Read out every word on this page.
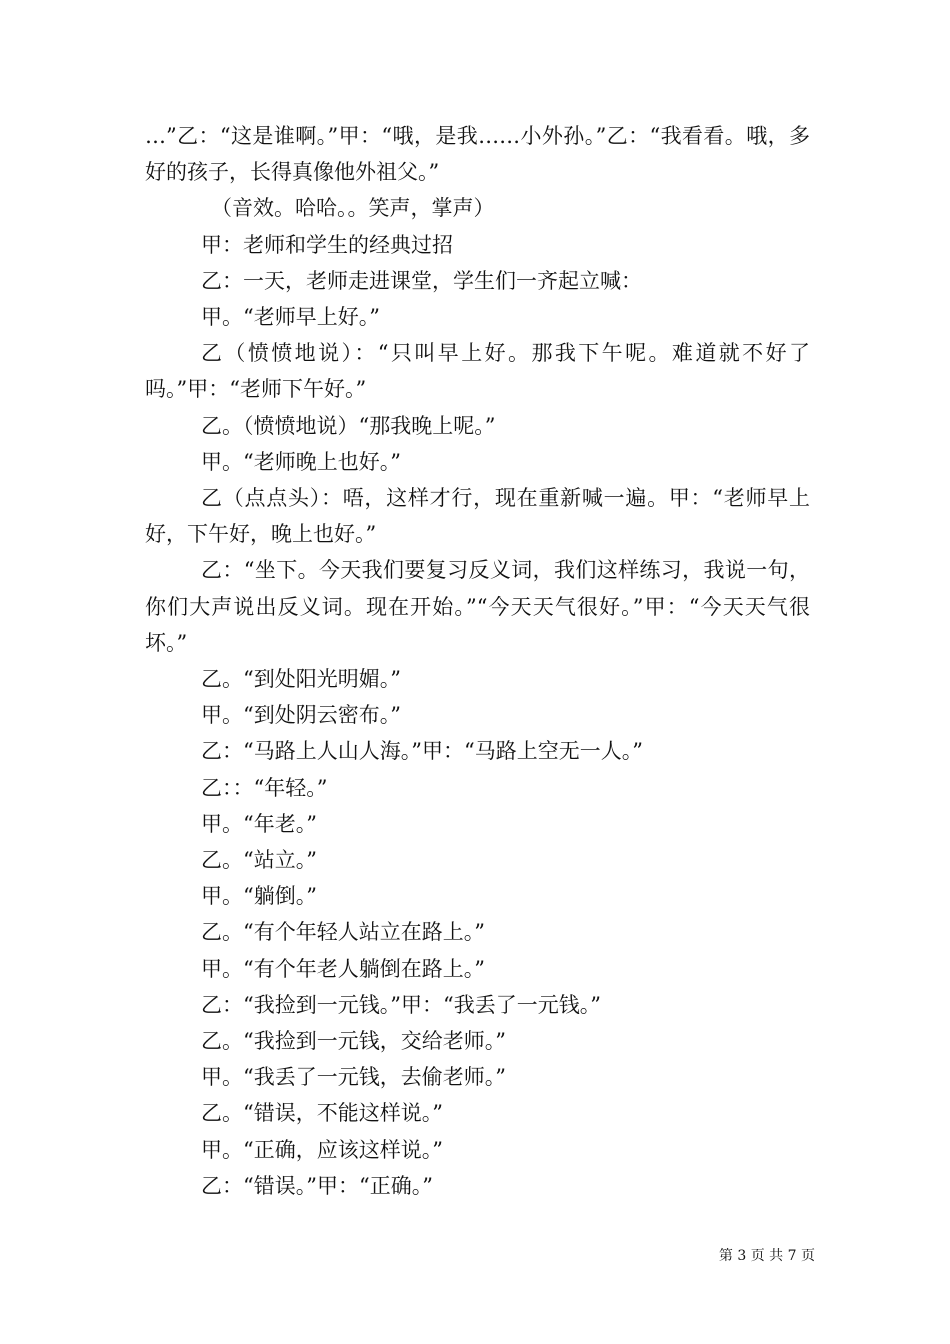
…”乙：“这是谁啊。”甲：“哦，是我……小外孙。”乙：“我看看。哦，多好的孩子，长得真像他外祖父。”

（音效。哈哈。。笑声，掌声）

甲：老师和学生的经典过招

乙：一天，老师走进课堂，学生们一齐起立喊：

甲。“老师早上好。”

乙（愤愤地说）：“只叫早上好。那我下午呢。难道就不好了吗。”甲：“老师下午好。”

乙。（愤愤地说）“那我晚上呢。”

甲。“老师晚上也好。”

乙（点点头）：唔，这样才行，现在重新喊一遍。甲：“老师早上好，下午好，晚上也好。”

乙：“坐下。今天我们要复习反义词，我们这样练习，我说一句，你们大声说出反义词。现在开始。”“今天天气很好。”甲：“今天天气很坏。”

乙。“到处阳光明媚。”

甲。“到处阴云密布。”

乙：“马路上人山人海。”甲：“马路上空无一人。”

乙：：“年轻。”

甲。“年老。”

乙。“站立。”

甲。“躺倒。”

乙。“有个年轻人站立在路上。”

甲。“有个年老人躺倒在路上。”

乙：“我捡到一元钱。”甲：“我丢了一元钱。”

乙。“我捡到一元钱，交给老师。”

甲。“我丢了一元钱，去偷老师。”

乙。“错误，不能这样说。”

甲。“正确，应该这样说。”

乙：“错误。”甲：“正确。”

第 3 页 共 7 页
